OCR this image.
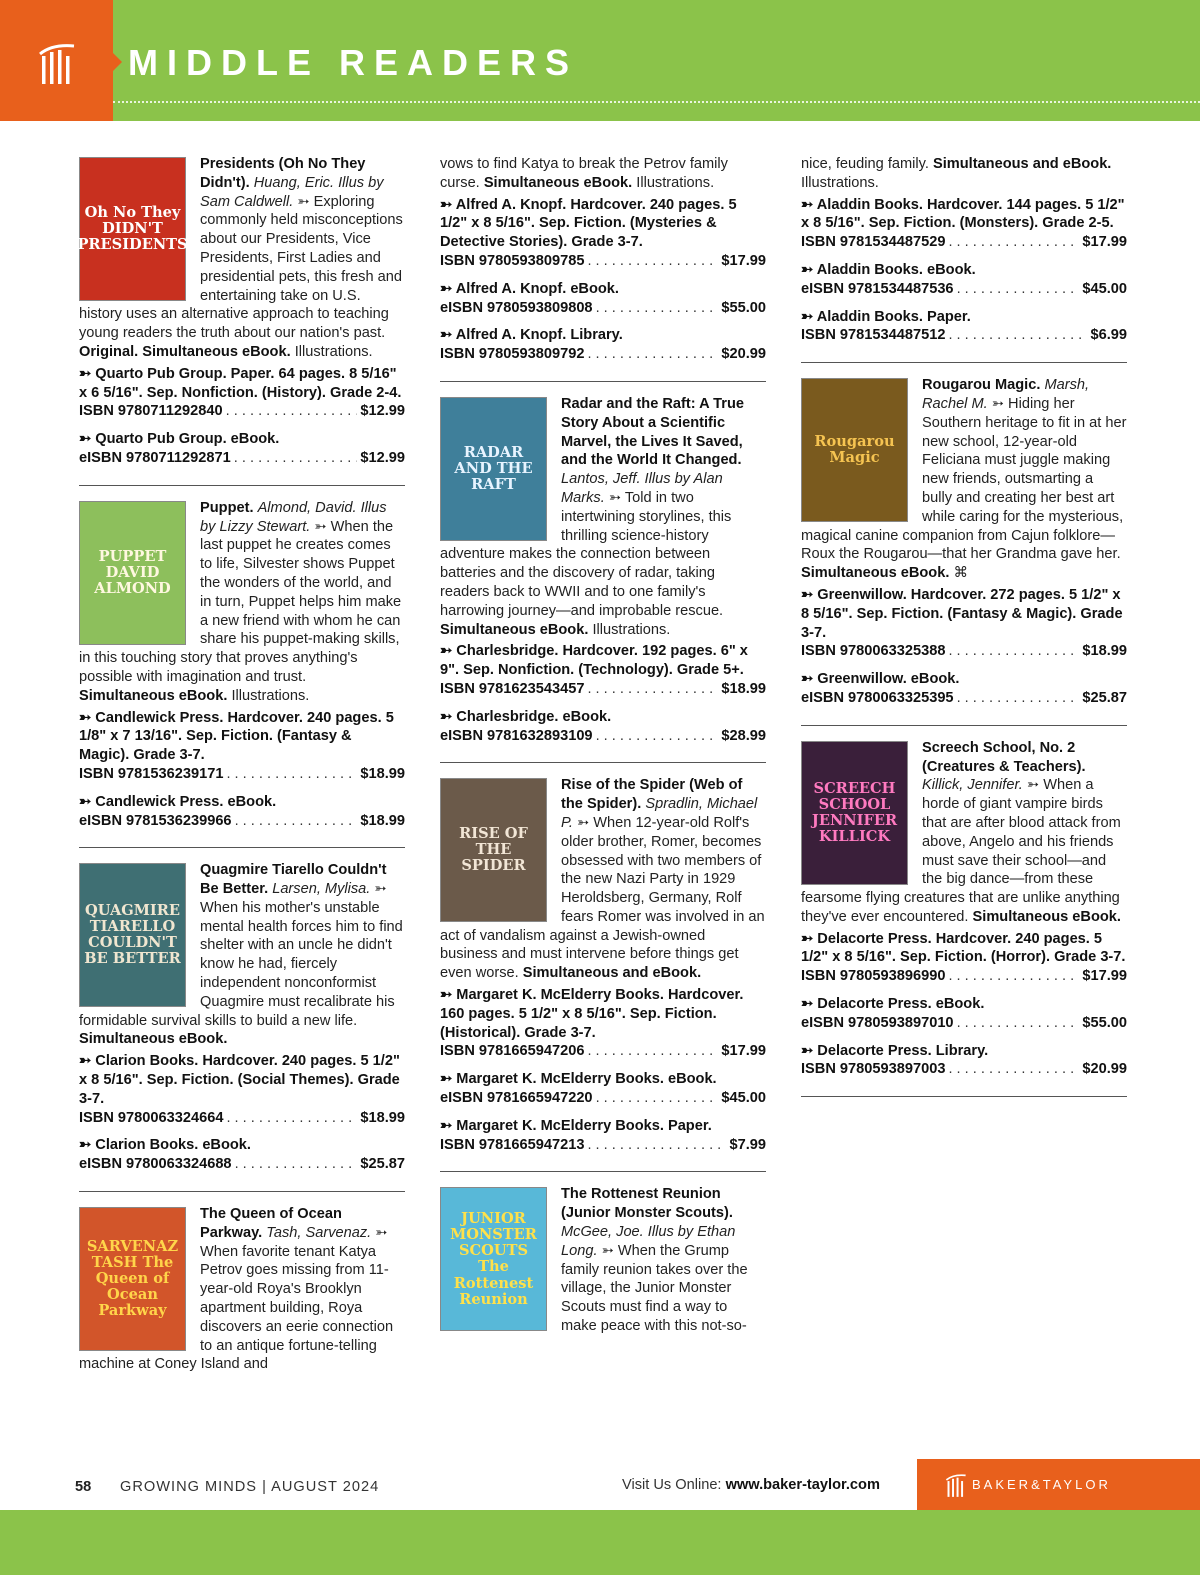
MIDDLE READERS
Oh No They DIDN'T PRESIDENTS
Presidents (Oh No They Didn't). Huang, Eric. Illus by Sam Caldwell. ➳ Exploring commonly held misconceptions about our Presidents, Vice Presidents, First Ladies and presidential pets, this fresh and entertaining take on U.S. history uses an alternative approach to teaching young readers the truth about our nation's past. Original. Simultaneous eBook. Illustrations.
➳ Quarto Pub Group. Paper. 64 pages. 8 5/16" x 6 5/16". Sep. Nonfiction. (History). Grade 2-4.
ISBN 9780711292840 . . .	$12.99
➳ Quarto Pub Group. eBook.
eISBN 9780711292871 . . .	$12.99
PUPPET DAVID ALMOND
Puppet. Almond, David. Illus by Lizzy Stewart. ➳ When the last puppet he creates comes to life, Silvester shows Puppet the wonders of the world, and in turn, Puppet helps him make a new friend with whom he can share his puppet-making skills, in this touching story that proves anything's possible with imagination and trust. Simultaneous eBook. Illustrations.
➳ Candlewick Press. Hardcover. 240 pages. 5 1/8" x 7 13/16". Sep. Fiction. (Fantasy & Magic). Grade 3-7.
ISBN 9781536239171 . . .	$18.99
➳ Candlewick Press. eBook.
eISBN 9781536239966 . . .	$18.99
QUAGMIRE TIARELLO COULDN'T BE BETTER
Quagmire Tiarello Couldn't Be Better. Larsen, Mylisa. ➳ When his mother's unstable mental health forces him to find shelter with an uncle he didn't know he had, fiercely independent nonconformist Quagmire must recalibrate his formidable survival skills to build a new life. Simultaneous eBook.
➳ Clarion Books. Hardcover. 240 pages. 5 1/2" x 8 5/16". Sep. Fiction. (Social Themes). Grade 3-7.
ISBN 9780063324664 . . .	$18.99
➳ Clarion Books. eBook.
eISBN 9780063324688 . . .	$25.87
SARVENAZ TASH The Queen of Ocean Parkway
The Queen of Ocean Parkway. Tash, Sarvenaz. ➳ When favorite tenant Katya Petrov goes missing from 11-year-old Roya's Brooklyn apartment building, Roya discovers an eerie connection to an antique fortune-telling machine at Coney Island and
vows to find Katya to break the Petrov family curse. Simultaneous eBook. Illustrations.
➳ Alfred A. Knopf. Hardcover. 240 pages. 5 1/2" x 8 5/16". Sep. Fiction. (Mysteries & Detective Stories). Grade 3-7.
ISBN 9780593809785 . . .	$17.99
➳ Alfred A. Knopf. eBook.
eISBN 9780593809808 . . .	$55.00
➳ Alfred A. Knopf. Library.
ISBN 9780593809792 . . .	$20.99
RADAR AND THE RAFT
Radar and the Raft: A True Story About a Scientific Marvel, the Lives It Saved, and the World It Changed. Lantos, Jeff. Illus by Alan Marks. ➳ Told in two intertwining storylines, this thrilling science-history adventure makes the connection between batteries and the discovery of radar, taking readers back to WWII and to one family's harrowing journey—and improbable rescue. Simultaneous eBook. Illustrations.
➳ Charlesbridge. Hardcover. 192 pages. 6" x 9". Sep. Nonfiction. (Technology). Grade 5+.
ISBN 9781623543457 . . .	$18.99
➳ Charlesbridge. eBook.
eISBN 9781632893109 . . .	$28.99
RISE OF THE SPIDER
Rise of the Spider (Web of the Spider). Spradlin, Michael P. ➳ When 12-year-old Rolf's older brother, Romer, becomes obsessed with two members of the new Nazi Party in 1929 Heroldsberg, Germany, Rolf fears Romer was involved in an act of vandalism against a Jewish-owned business and must intervene before things get even worse. Simultaneous and eBook.
➳ Margaret K. McElderry Books. Hardcover. 160 pages. 5 1/2" x 8 5/16". Sep. Fiction. (Historical). Grade 3-7.
ISBN 9781665947206 . . .	$17.99
➳ Margaret K. McElderry Books. eBook.
eISBN 9781665947220 . . .	$45.00
➳ Margaret K. McElderry Books. Paper.
ISBN 9781665947213 . . .	$7.99
JUNIOR MONSTER SCOUTS The Rottenest Reunion
The Rottenest Reunion (Junior Monster Scouts). McGee, Joe. Illus by Ethan Long. ➳ When the Grump family reunion takes over the village, the Junior Monster Scouts must find a way to make peace with this not-so-
nice, feuding family. Simultaneous and eBook. Illustrations.
➳ Aladdin Books. Hardcover. 144 pages. 5 1/2" x 8 5/16". Sep. Fiction. (Monsters). Grade 2-5.
ISBN 9781534487529 . . .	$17.99
➳ Aladdin Books. eBook.
eISBN 9781534487536 . . .	$45.00
➳ Aladdin Books. Paper.
ISBN 9781534487512 . . .	$6.99
Rougarou Magic
Rougarou Magic. Marsh, Rachel M. ➳ Hiding her Southern heritage to fit in at her new school, 12-year-old Feliciana must juggle making new friends, outsmarting a bully and creating her best art while caring for the mysterious, magical canine companion from Cajun folklore—Roux the Rougarou—that her Grandma gave her. Simultaneous eBook. ⌘
➳ Greenwillow. Hardcover. 272 pages. 5 1/2" x 8 5/16". Sep. Fiction. (Fantasy & Magic). Grade 3-7.
ISBN 9780063325388 . . .	$18.99
➳ Greenwillow. eBook.
eISBN 9780063325395 . . .	$25.87
SCREECH SCHOOL JENNIFER KILLICK
Screech School, No. 2 (Creatures & Teachers). Killick, Jennifer. ➳ When a horde of giant vampire birds that are after blood attack from above, Angelo and his friends must save their school—and the big dance—from these fearsome flying creatures that are unlike anything they've ever encountered. Simultaneous eBook.
➳ Delacorte Press. Hardcover. 240 pages. 5 1/2" x 8 5/16". Sep. Fiction. (Horror). Grade 3-7.
ISBN 9780593896990 . . .	$17.99
➳ Delacorte Press. eBook.
eISBN 9780593897010 . . .	$55.00
➳ Delacorte Press. Library.
ISBN 9780593897003 . . .	$20.99
58 GROWING MINDS | AUGUST 2024	Visit Us Online: www.baker-taylor.com	BAKER&TAYLOR
